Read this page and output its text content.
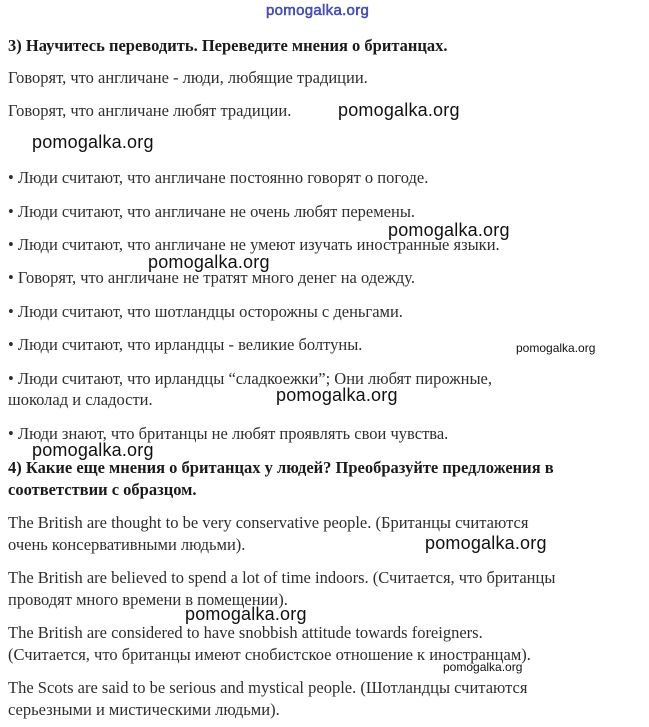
pomogalka.org
3) Научитесь переводить. Переведите мнения о британцах.
Говорят, что англичане - люди, любящие традиции.
Говорят, что англичане любят традиции.
• Люди считают, что англичане постоянно говорят о погоде.
• Люди считают, что англичане не очень любят перемены.
• Люди считают, что англичане не умеют изучать иностранные языки.
• Говорят, что англичане не тратят много денег на одежду.
• Люди считают, что шотландцы осторожны с деньгами.
• Люди считают, что ирландцы - великие болтуны.
• Люди считают, что ирландцы “сладкоежки”; Они любят пирожные,
шоколад и сладости.
• Люди знают, что британцы не любят проявлять свои чувства.
4) Какие еще мнения о британцах у людей? Преобразуйте предложения в
соответствии с образцом.
The British are thought to be very conservative people. (Британцы считаются
очень консервативными людьми).
The British are believed to spend a lot of time indoors. (Считается, что британцы
проводят много времени в помещении).
The British are considered to have snobbish attitude towards foreigners.
(Считается, что британцы имеют снобистское отношение к иностранцам).
The Scots are said to be serious and mystical people. (Шотландцы считаются
серьезными и мистическими людьми).
pomogalka.org
pomogalka.org
pomogalka.org
pomogalka.org
pomogalka.org
pomogalka.org
pomogalka.org
pomogalka.org
pomogalka.org
pomogalka.org
